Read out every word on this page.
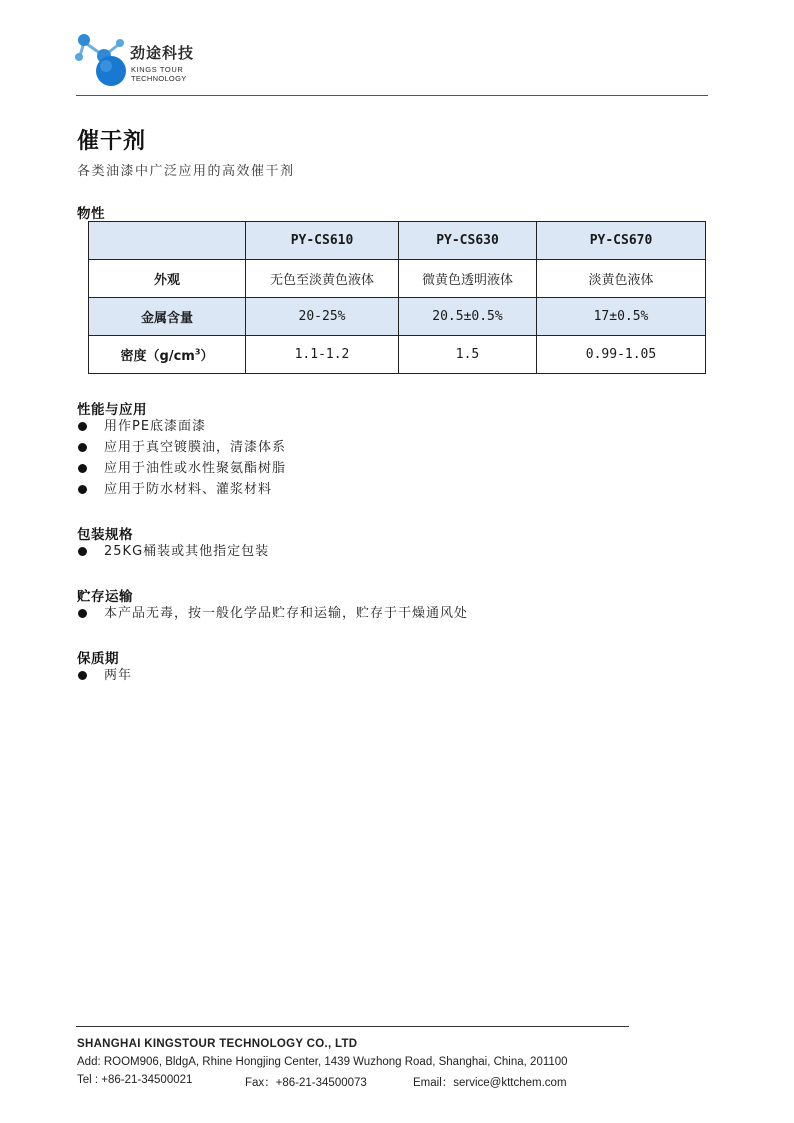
劲途科技
KINGS TOUR
TECHNOLOGY
催干剂
各类油漆中广泛应用的高效催干剂
物性
	PY-CS610	PY-CS630	PY-CS670
外观	无色至淡黄色液体	微黄色透明液体	淡黄色液体
金属含量	20-25%	20.5±0.5%	17±0.5%
密度$(g/cm^3)$	1.1-1.2	1.5	0.99-1.05
性能与应用
用作PE底漆面漆
应用于真空镀膜油，清漆体系
应用于油性或水性聚氨酯树脂
应用于防水材料、灌浆材料
包装规格
25KG桶装或其他指定包装
贮存运输
本产品无毒，按一般化学品贮存和运输，贮存于干燥通风处
保质期
两年
SHANGHAI KINGSTOUR TECHNOLOGY CO., LTD
Add: ROOM906, BldgA, Rhine Hongjing Center, 1439 Wuzhong Road, Shanghai, China, 201100
Tel : +86-21-34500021	Fax：+86-21-34500073	Email：service@kttchem.com
